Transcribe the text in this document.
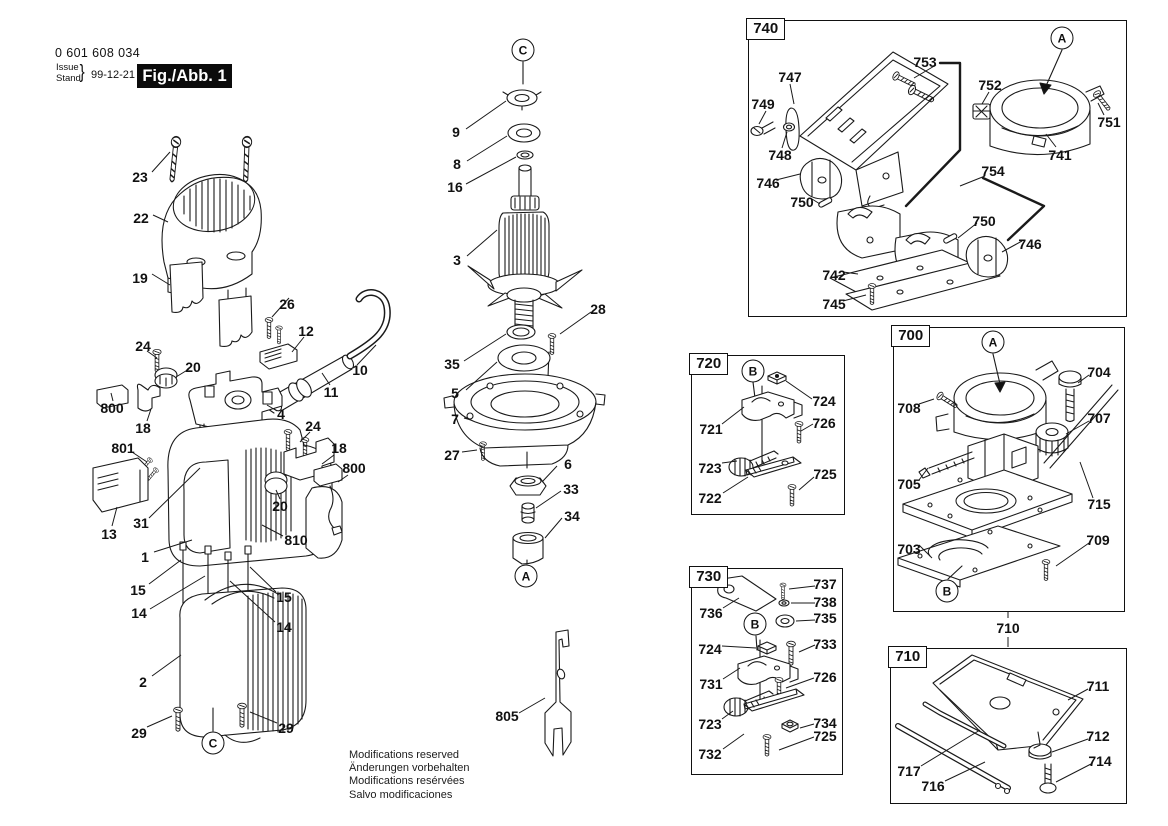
0 601 608 034
Issue
Stand
} 99-12-21 Fig./Abb. 1
740
700
720
730
710
23
22
19
26
12
10
11
4
24
20
800
18
801
13
31
1
15
14
2
29
24
18
800
20
810
15
14
29
9
8
16
3
28
35
5
7
27
6
33
34
805
747
749
748
753
752
751
741
754
746
750
742
745
750
746
704
708
707
705
715
703
709
710
711
712
714
717
716
724
721	726
723	725
722
736
737
738
735
724	733
731	726
723	734
725
732
C
A
C
A
A
B
B
B
Modifications reserved
Änderungen vorbehalten
Modifications resérvées
Salvo modificaciones
